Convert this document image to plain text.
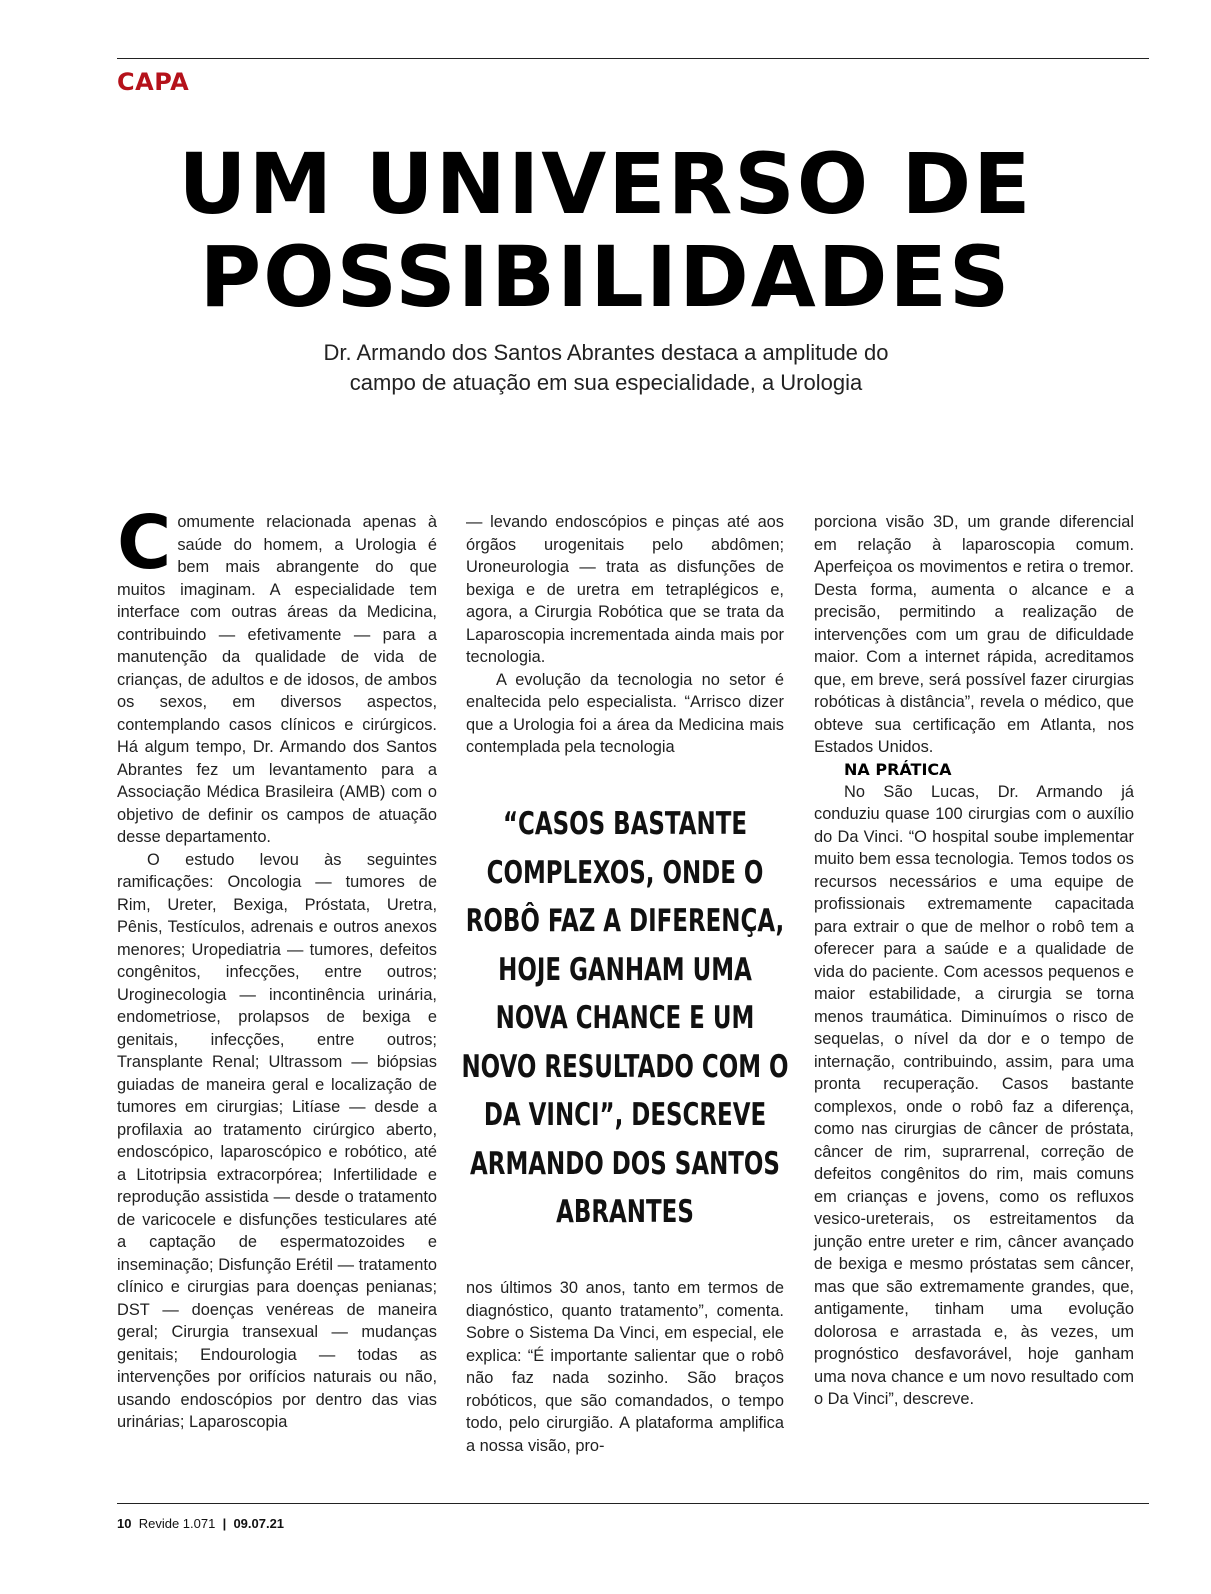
CAPA
UM UNIVERSO DE
POSSIBILIDADES

Dr. Armando dos Santos Abrantes destaca a amplitude do
campo de atuação em sua especialidade, a Urologia

Comumente relacionada apenas à saúde do homem, a Urologia é bem mais abrangente do que muitos imaginam. A especialidade tem interface com outras áreas da Medicina, contribuindo — efetivamente — para a manutenção da qualidade de vida de crianças, de adultos e de idosos, de ambos os sexos, em diversos aspectos, contemplando casos clínicos e cirúrgicos. Há algum tempo, Dr. Armando dos Santos Abrantes fez um levantamento para a Associação Médica Brasileira (AMB) com o objetivo de definir os campos de atuação desse departamento.

O estudo levou às seguintes ramificações: Oncologia — tumores de Rim, Ureter, Bexiga, Próstata, Uretra, Pênis, Testículos, adrenais e outros anexos menores; Uropediatria — tumores, defeitos congênitos, infecções, entre outros; Uroginecologia — incontinência urinária, endometriose, prolapsos de bexiga e genitais, infecções, entre outros; Transplante Renal; Ultrassom — biópsias guiadas de maneira geral e localização de tumores em cirurgias; Litíase — desde a profilaxia ao tratamento cirúrgico aberto, endoscópico, laparoscópico e robótico, até a Litotripsia extracorpórea; Infertilidade e reprodução assistida — desde o tratamento de varicocele e disfunções testiculares até a captação de espermatozoides e inseminação; Disfunção Erétil — tratamento clínico e cirurgias para doenças penianas; DST — doenças venéreas de maneira geral; Cirurgia transexual — mudanças genitais; Endourologia — todas as intervenções por orifícios naturais ou não, usando endoscópios por dentro das vias urinárias; Laparoscopia

— levando endoscópios e pinças até aos órgãos urogenitais pelo abdômen; Uroneurologia — trata as disfunções de bexiga e de uretra em tetraplégicos e, agora, a Cirurgia Robótica que se trata da Laparoscopia incrementada ainda mais por tecnologia.

A evolução da tecnologia no setor é enaltecida pelo especialista. “Arrisco dizer que a Urologia foi a área da Medicina mais contemplada pela tecnologia

“CASOS BASTANTE COMPLEXOS, ONDE O ROBÔ FAZ A DIFERENÇA, HOJE GANHAM UMA NOVA CHANCE E UM NOVO RESULTADO COM O DA VINCI”, DESCREVE ARMANDO DOS SANTOS ABRANTES

nos últimos 30 anos, tanto em termos de diagnóstico, quanto tratamento”, comenta. Sobre o Sistema Da Vinci, em especial, ele explica: “É importante salientar que o robô não faz nada sozinho. São braços robóticos, que são comandados, o tempo todo, pelo cirurgião. A plataforma amplifica a nossa visão, pro-

porciona visão 3D, um grande diferencial em relação à laparoscopia comum. Aperfeiçoa os movimentos e retira o tremor. Desta forma, aumenta o alcance e a precisão, permitindo a realização de intervenções com um grau de dificuldade maior. Com a internet rápida, acreditamos que, em breve, será possível fazer cirurgias robóticas à distância”, revela o médico, que obteve sua certificação em Atlanta, nos Estados Unidos.

NA PRÁTICA

No São Lucas, Dr. Armando já conduziu quase 100 cirurgias com o auxílio do Da Vinci. “O hospital soube implementar muito bem essa tecnologia. Temos todos os recursos necessários e uma equipe de profissionais extremamente capacitada para extrair o que de melhor o robô tem a oferecer para a saúde e a qualidade de vida do paciente. Com acessos pequenos e maior estabilidade, a cirurgia se torna menos traumática. Diminuímos o risco de sequelas, o nível da dor e o tempo de internação, contribuindo, assim, para uma pronta recuperação. Casos bastante complexos, onde o robô faz a diferença, como nas cirurgias de câncer de próstata, câncer de rim, suprarrenal, correção de defeitos congênitos do rim, mais comuns em crianças e jovens, como os refluxos vesico-ureterais, os estreitamentos da junção entre ureter e rim, câncer avançado de bexiga e mesmo próstatas sem câncer, mas que são extremamente grandes, que, antigamente, tinham uma evolução dolorosa e arrastada e, às vezes, um prognóstico desfavorável, hoje ganham uma nova chance e um novo resultado com o Da Vinci”, descreve.

10 Revide 1.071 | 09.07.21
